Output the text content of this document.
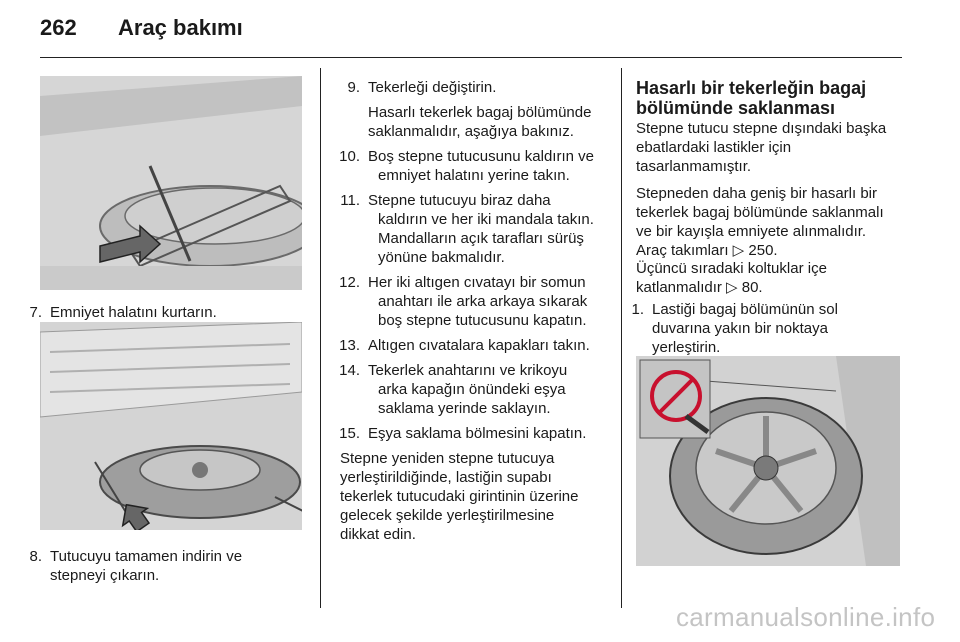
262 Araç bakımı
7. Emniyet halatını kurtarın.
8. Tutucuyu tamamen indirin ve
stepneyi çıkarın.
9. Tekerleği değiştirin.
Hasarlı tekerlek bagaj bölümünde
saklanmalıdır, aşağıya bakınız.
10. Boş stepne tutucusunu kaldırın ve
emniyet halatını yerine takın.
11. Stepne tutucuyu biraz daha
kaldırın ve her iki mandala takın.
Mandalların açık tarafları sürüş
yönüne bakmalıdır.
12. Her iki altıgen cıvatayı bir somun
anahtarı ile arka arkaya sıkarak
boş stepne tutucusunu kapatın.
13. Altıgen cıvatalara kapakları takın.
14. Tekerlek anahtarını ve krikoyu
arka kapağın önündeki eşya
saklama yerinde saklayın.
15. Eşya saklama bölmesini kapatın.
Stepne yeniden stepne tutucuya
yerleştirildiğinde, lastiğin supabı
tekerlek tutucudaki girintinin üzerine
gelecek şekilde yerleştirilmesine
dikkat edin.
Hasarlı bir tekerleğin bagaj
bölümünde saklanması
Stepne tutucu stepne dışındaki başka
ebatlardaki lastikler için
tasarlanmamıştır.
Stepneden daha geniş bir hasarlı bir
tekerlek bagaj bölümünde saklanmalı
ve bir kayışla emniyete alınmalıdır.
Araç takımları ▷ 250.
Üçüncü sıradaki koltuklar içe
katlanmalıdır ▷ 80.
1. Lastiği bagaj bölümünün sol
duvarına yakın bir noktaya
yerleştirin.
carmanualsonline.info
